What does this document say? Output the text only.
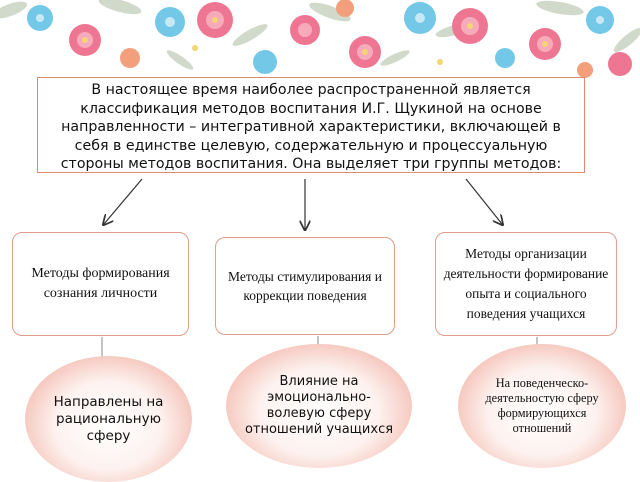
В настоящее время наиболее распространенной является классификация методов воспитания И.Г. Щукиной на основе направленности – интегративной характеристики, включающей в себя в единстве целевую, содержательную и процессуальную стороны методов воспитания. Она выделяет три группы методов:
Методы формирования сознания личности
Методы стимулирования и коррекции поведения
Методы организации деятельности формирование опыта и социального поведения учащихся
Направлены на рациональную сферу
Влияние на эмоционально-волевую сферу отношений учащихся
На поведенческо-деятельностую сферу формирующихся отношений
